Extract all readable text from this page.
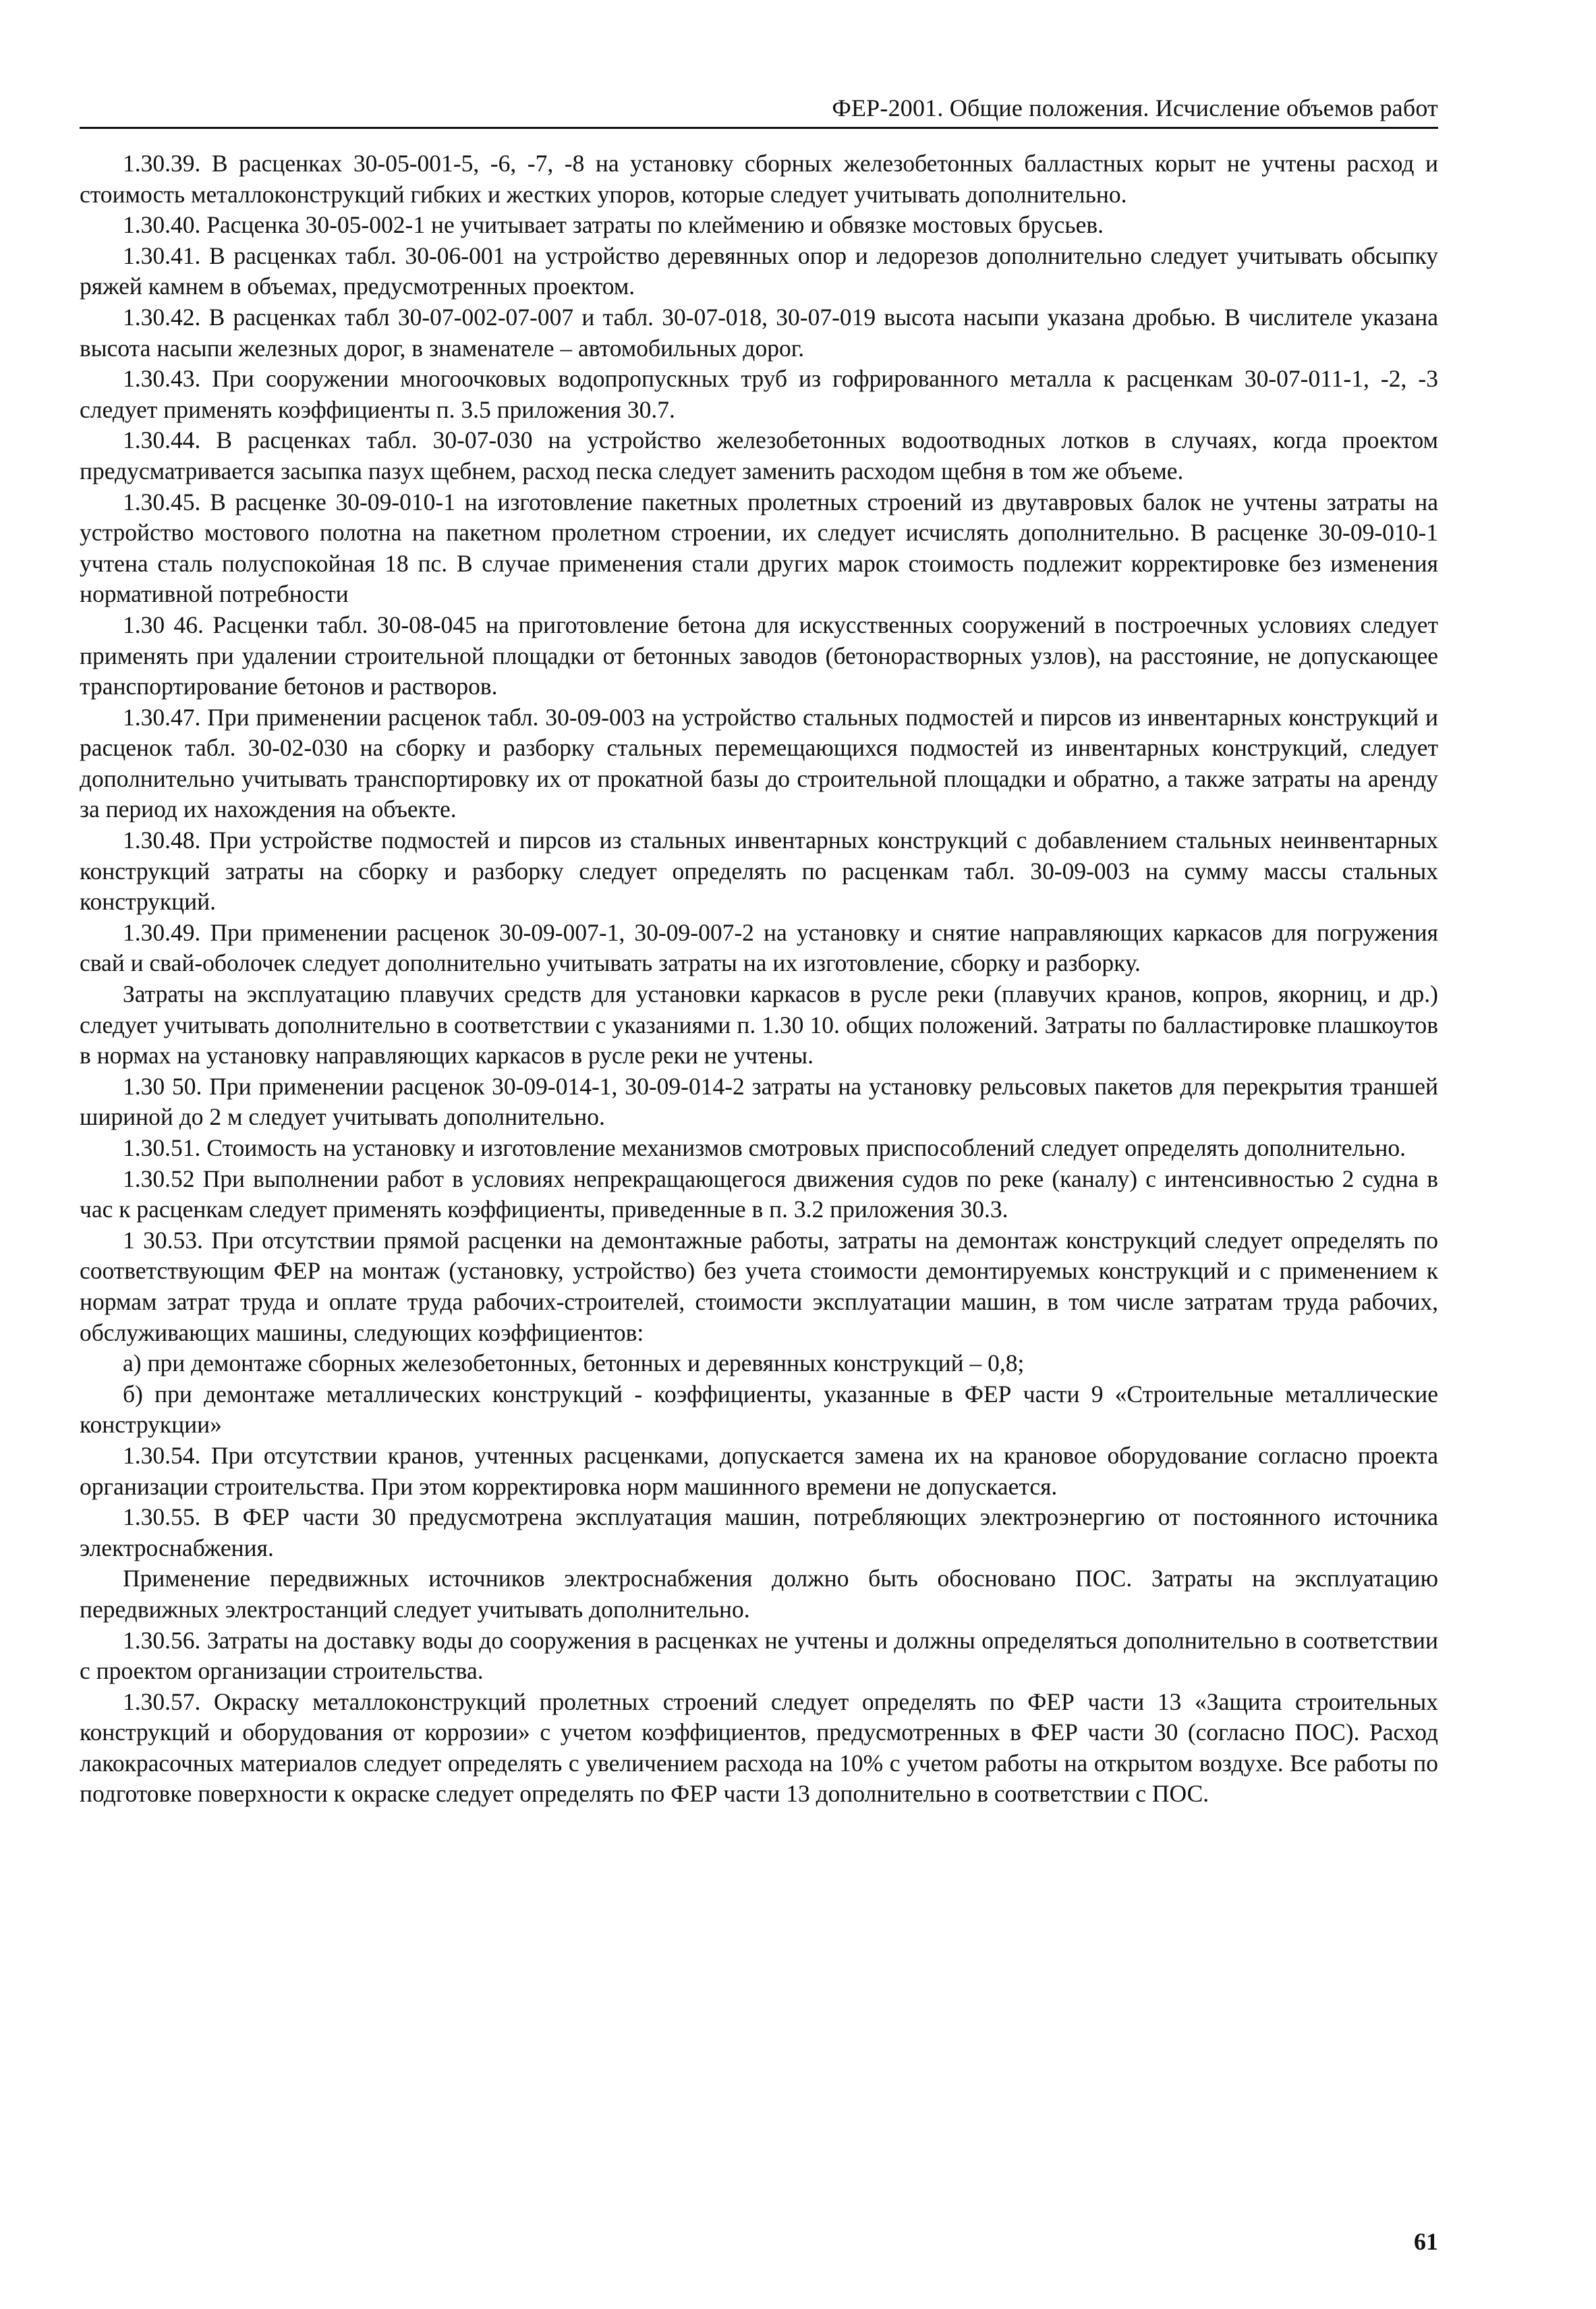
ФЕР-2001. Общие положения. Исчисление объемов работ

1.30.39. В расценках 30-05-001-5, -6, -7, -8 на установку сборных железобетонных балластных корыт не учтены расход и стоимость металлоконструкций гибких и жестких упоров, которые следует учитывать дополнительно.

1.30.40. Расценка 30-05-002-1 не учитывает затраты по клеймению и обвязке мостовых брусьев.

1.30.41. В расценках табл. 30-06-001 на устройство деревянных опор и ледорезов дополнительно следует учитывать обсыпку ряжей камнем в объемах, предусмотренных проектом.

1.30.42. В расценках табл 30-07-002-07-007 и табл. 30-07-018, 30-07-019 высота насыпи указана дробью. В числителе указана высота насыпи железных дорог, в знаменателе – автомобильных дорог.

1.30.43. При сооружении многоочковых водопропускных труб из гофрированного металла к расценкам 30-07-011-1, -2, -3 следует применять коэффициенты п. 3.5 приложения 30.7.

1.30.44. В расценках табл. 30-07-030 на устройство железобетонных водоотводных лотков в случаях, когда проектом предусматривается засыпка пазух щебнем, расход песка следует заменить расходом щебня в том же объеме.

1.30.45. В расценке 30-09-010-1 на изготовление пакетных пролетных строений из двутавровых балок не учтены затраты на устройство мостового полотна на пакетном пролетном строении, их следует исчислять дополнительно. В расценке 30-09-010-1 учтена сталь полуспокойная 18 пс. В случае применения стали других марок стоимость подлежит корректировке без изменения нормативной потребности

1.30 46. Расценки табл. 30-08-045 на приготовление бетона для искусственных сооружений в построечных условиях следует применять при удалении строительной площадки от бетонных заводов (бетонорастворных узлов), на расстояние, не допускающее транспортирование бетонов и растворов.

1.30.47. При применении расценок табл. 30-09-003 на устройство стальных подмостей и пирсов из инвентарных конструкций и расценок табл. 30-02-030 на сборку и разборку стальных перемещающихся подмостей из инвентарных конструкций, следует дополнительно учитывать транспортировку их от прокатной базы до строительной площадки и обратно, а также затраты на аренду за период их нахождения на объекте.

1.30.48. При устройстве подмостей и пирсов из стальных инвентарных конструкций с добавлением стальных неинвентарных конструкций затраты на сборку и разборку следует определять по расценкам табл. 30-09-003 на сумму массы стальных конструкций.

1.30.49. При применении расценок 30-09-007-1, 30-09-007-2 на установку и снятие направляющих каркасов для погружения свай и свай-оболочек следует дополнительно учитывать затраты на их изготовление, сборку и разборку.

Затраты на эксплуатацию плавучих средств для установки каркасов в русле реки (плавучих кранов, копров, якорниц, и др.) следует учитывать дополнительно в соответствии с указаниями п. 1.30 10. общих положений. Затраты по балластировке плашкоутов в нормах на установку направляющих каркасов в русле реки не учтены.

1.30 50. При применении расценок 30-09-014-1, 30-09-014-2 затраты на установку рельсовых пакетов для перекрытия траншей шириной до 2 м следует учитывать дополнительно.

1.30.51. Стоимость на установку и изготовление механизмов смотровых приспособлений следует определять дополнительно.

1.30.52 При выполнении работ в условиях непрекращающегося движения судов по реке (каналу) с интенсивностью 2 судна в час к расценкам следует применять коэффициенты, приведенные в п. 3.2 приложения 30.3.

1 30.53. При отсутствии прямой расценки на демонтажные работы, затраты на демонтаж конструкций следует определять по соответствующим ФЕР на монтаж (установку, устройство) без учета стоимости демонтируемых конструкций и с применением к нормам затрат труда и оплате труда рабочих-строителей, стоимости эксплуатации машин, в том числе затратам труда рабочих, обслуживающих машины, следующих коэффициентов:

а) при демонтаже сборных железобетонных, бетонных и деревянных конструкций – 0,8;

б) при демонтаже металлических конструкций - коэффициенты, указанные в ФЕР части 9 «Строительные металлические конструкции»

1.30.54. При отсутствии кранов, учтенных расценками, допускается замена их на крановое оборудование согласно проекта организации строительства. При этом корректировка норм машинного времени не допускается.

1.30.55. В ФЕР части 30 предусмотрена эксплуатация машин, потребляющих электроэнергию от постоянного источника электроснабжения.

Применение передвижных источников электроснабжения должно быть обосновано ПОС. Затраты на эксплуатацию передвижных электростанций следует учитывать дополнительно.

1.30.56. Затраты на доставку воды до сооружения в расценках не учтены и должны определяться дополнительно в соответствии с проектом организации строительства.

1.30.57. Окраску металлоконструкций пролетных строений следует определять по ФЕР части 13 «Защита строительных конструкций и оборудования от коррозии» с учетом коэффициентов, предусмотренных в ФЕР части 30 (согласно ПОС). Расход лакокрасочных материалов следует определять с увеличением расхода на 10% с учетом работы на открытом воздухе. Все работы по подготовке поверхности к окраске следует определять по ФЕР части 13 дополнительно в соответствии с ПОС.

61
